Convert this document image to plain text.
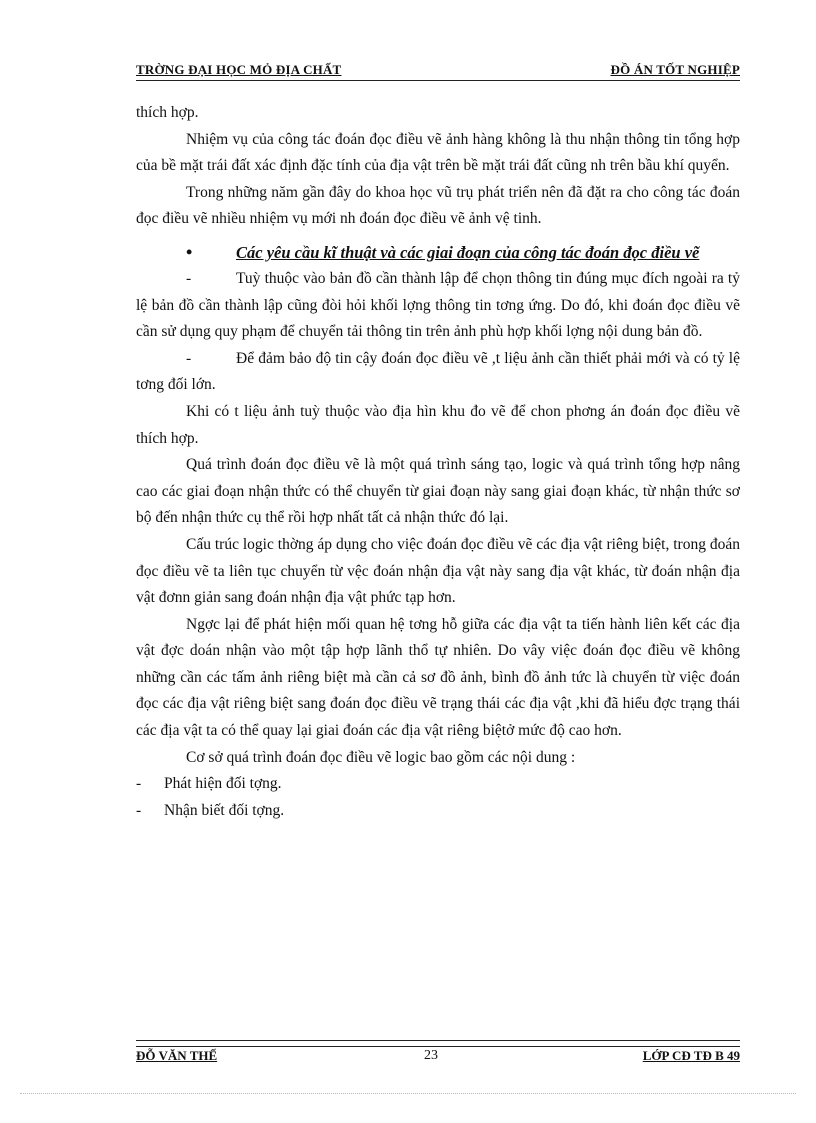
TRỜNG ĐẠI HỌC MỎ ĐỊA CHẤT	ĐỒ ÁN TỐT NGHIỆP

thích hợp.

Nhiệm vụ của công tác đoán đọc điều vẽ ảnh hàng không là thu nhận thông tin tổng hợp của bề mặt trái đất xác định đặc tính của địa vật trên bề mặt trái đất cũng nh trên bầu khí quyển.

Trong những năm gần đây do khoa học vũ trụ phát triển nên đã đặt ra cho công tác đoán đọc điều vẽ nhiều nhiệm vụ mới nh đoán đọc điều vẽ ảnh vệ tinh.

•	Các yêu cầu kĩ thuật và các giai đoạn của công tác đoán đọc điều vẽ

-	Tuỳ thuộc vào bản đồ cần thành lập để chọn thông tin đúng mục đích ngoài ra tỷ lệ bản đồ cần thành lập cũng đòi hỏi khối lợng thông tin tơng ứng. Do đó, khi đoán đọc điều vẽ cần sử dụng quy phạm để chuyển tải thông tin trên ảnh phù hợp khối lợng nội dung bản đồ.

-	Để đảm bảo độ tin cậy đoán đọc điều vẽ ,t liệu ảnh cần thiết phải mới và có tỷ lệ tơng đối lớn.

Khi có t liệu ảnh tuỳ thuộc vào địa hìn khu đo vẽ để chon phơng án đoán đọc điều vẽ thích hợp.

Quá trình đoán đọc điều vẽ là một quá trình sáng tạo, logic và quá trình tổng hợp nâng cao các giai đoạn nhận thức có thể chuyển từ giai đoạn này sang giai đoạn khác, từ nhận thức sơ bộ đến nhận thức cụ thể rồi hợp nhất tất cả nhận thức đó lại.

Cấu trúc logic thờng áp dụng cho việc đoán đọc điều vẽ các địa vật riêng biệt, trong đoán đọc điều vẽ ta liên tục chuyển từ vệc đoán nhận địa vật này sang địa vật khác, từ đoán nhận địa vật đơnn giản sang đoán nhận địa vật phức tạp hơn.

Ngợc lại để phát hiện mối quan hệ tơng hỗ giữa các địa vật ta tiến hành liên kết các địa vật đợc doán nhận vào một tập hợp lãnh thổ tự nhiên. Do vây việc đoán đọc điều vẽ không những cần các tấm ảnh riêng biệt mà cần cả sơ đồ ảnh, bình đồ ảnh tức là chuyển từ việc đoán đọc các địa vật riêng biệt sang đoán đọc điều vẽ trạng thái các địa vật ,khi đã hiểu đợc trạng thái các địa vật ta có thể quay lại giai đoán các địa vật riêng biệtở mức độ cao hơn.

Cơ sở quá trình đoán đọc điều vẽ logic bao gồm các nội dung :

- Phát hiện đối tợng.

- Nhận biết đối tợng.

ĐỖ VĂN THẾ	23	LỚP CĐ TĐ B 49
